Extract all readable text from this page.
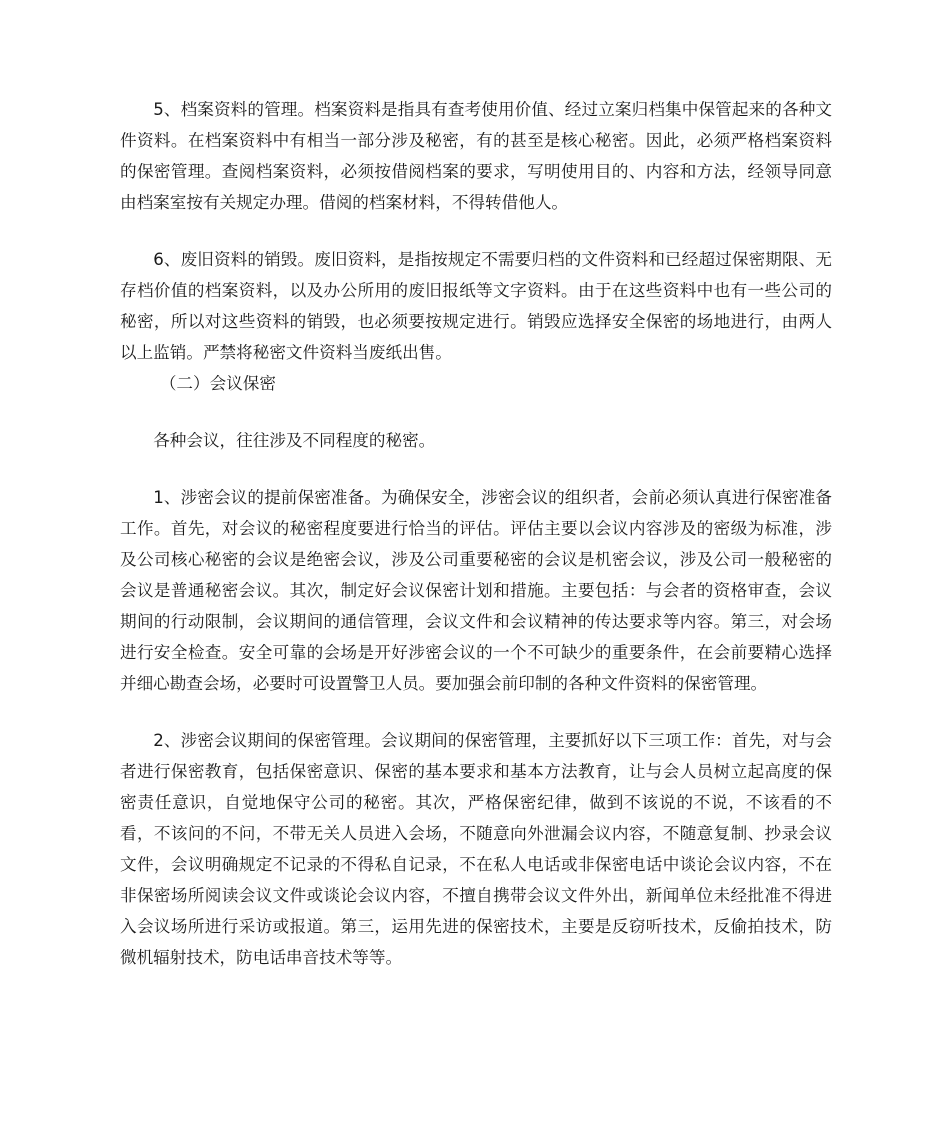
5、档案资料的管理。档案资料是指具有查考使用价值、经过立案归档集中保管起来的各种文件资料。在档案资料中有相当一部分涉及秘密，有的甚至是核心秘密。因此，必须严格档案资料的保密管理。查阅档案资料，必须按借阅档案的要求，写明使用目的、内容和方法，经领导同意由档案室按有关规定办理。借阅的档案材料，不得转借他人。

6、废旧资料的销毁。废旧资料，是指按规定不需要归档的文件资料和已经超过保密期限、无存档价值的档案资料，以及办公所用的废旧报纸等文字资料。由于在这些资料中也有一些公司的秘密，所以对这些资料的销毁，也必须要按规定进行。销毁应选择安全保密的场地进行，由两人以上监销。严禁将秘密文件资料当废纸出售。

（二）会议保密

各种会议，往往涉及不同程度的秘密。

1、涉密会议的提前保密准备。为确保安全，涉密会议的组织者，会前必须认真进行保密准备工作。首先，对会议的秘密程度要进行恰当的评估。评估主要以会议内容涉及的密级为标准，涉及公司核心秘密的会议是绝密会议，涉及公司重要秘密的会议是机密会议，涉及公司一般秘密的会议是普通秘密会议。其次，制定好会议保密计划和措施。主要包括：与会者的资格审查，会议期间的行动限制，会议期间的通信管理，会议文件和会议精神的传达要求等内容。第三，对会场进行安全检查。安全可靠的会场是开好涉密会议的一个不可缺少的重要条件，在会前要精心选择并细心勘查会场，必要时可设置警卫人员。要加强会前印制的各种文件资料的保密管理。

2、涉密会议期间的保密管理。会议期间的保密管理，主要抓好以下三项工作：首先，对与会者进行保密教育，包括保密意识、保密的基本要求和基本方法教育，让与会人员树立起高度的保密责任意识，自觉地保守公司的秘密。其次，严格保密纪律，做到不该说的不说，不该看的不看，不该问的不问，不带无关人员进入会场，不随意向外泄漏会议内容，不随意复制、抄录会议文件，会议明确规定不记录的不得私自记录，不在私人电话或非保密电话中谈论会议内容，不在非保密场所阅读会议文件或谈论会议内容，不擅自携带会议文件外出，新闻单位未经批准不得进入会议场所进行采访或报道。第三，运用先进的保密技术，主要是反窃听技术，反偷拍技术，防微机辐射技术，防电话串音技术等等。
